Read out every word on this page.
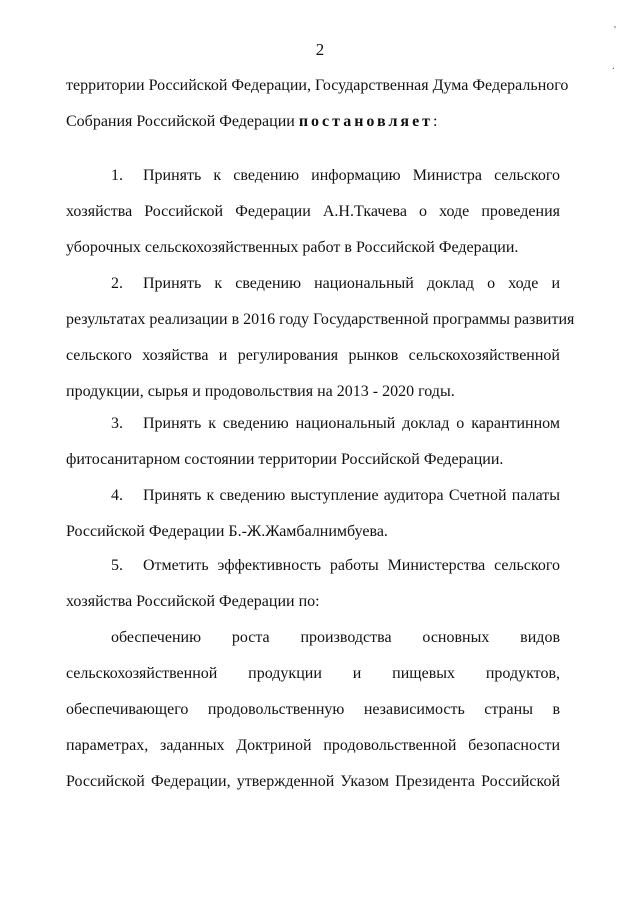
2
'
.
территории Российской Федерации, Государственная Дума Федерального
Собрания Российской Федерации постановляет:
1. Принять к сведению информацию Министра сельского
хозяйства Российской Федерации А.Н.Ткачева о ходе проведения
уборочных сельскохозяйственных работ в Российской Федерации.
2. Принять к сведению национальный доклад о ходе и
результатах реализации в 2016 году Государственной программы развития
сельского хозяйства и регулирования рынков сельскохозяйственной
продукции, сырья и продовольствия на 2013 - 2020 годы.
3. Принять к сведению национальный доклад о карантинном
фитосанитарном состоянии территории Российской Федерации.
4. Принять к сведению выступление аудитора Счетной палаты
Российской Федерации Б.-Ж.Жамбалнимбуева.
5. Отметить эффективность работы Министерства сельского
хозяйства Российской Федерации по:
обеспечению роста производства основных видов
сельскохозяйственной продукции и пищевых продуктов,
обеспечивающего продовольственную независимость страны в
параметрах, заданных Доктриной продовольственной безопасности
Российской Федерации, утвержденной Указом Президента Российской
